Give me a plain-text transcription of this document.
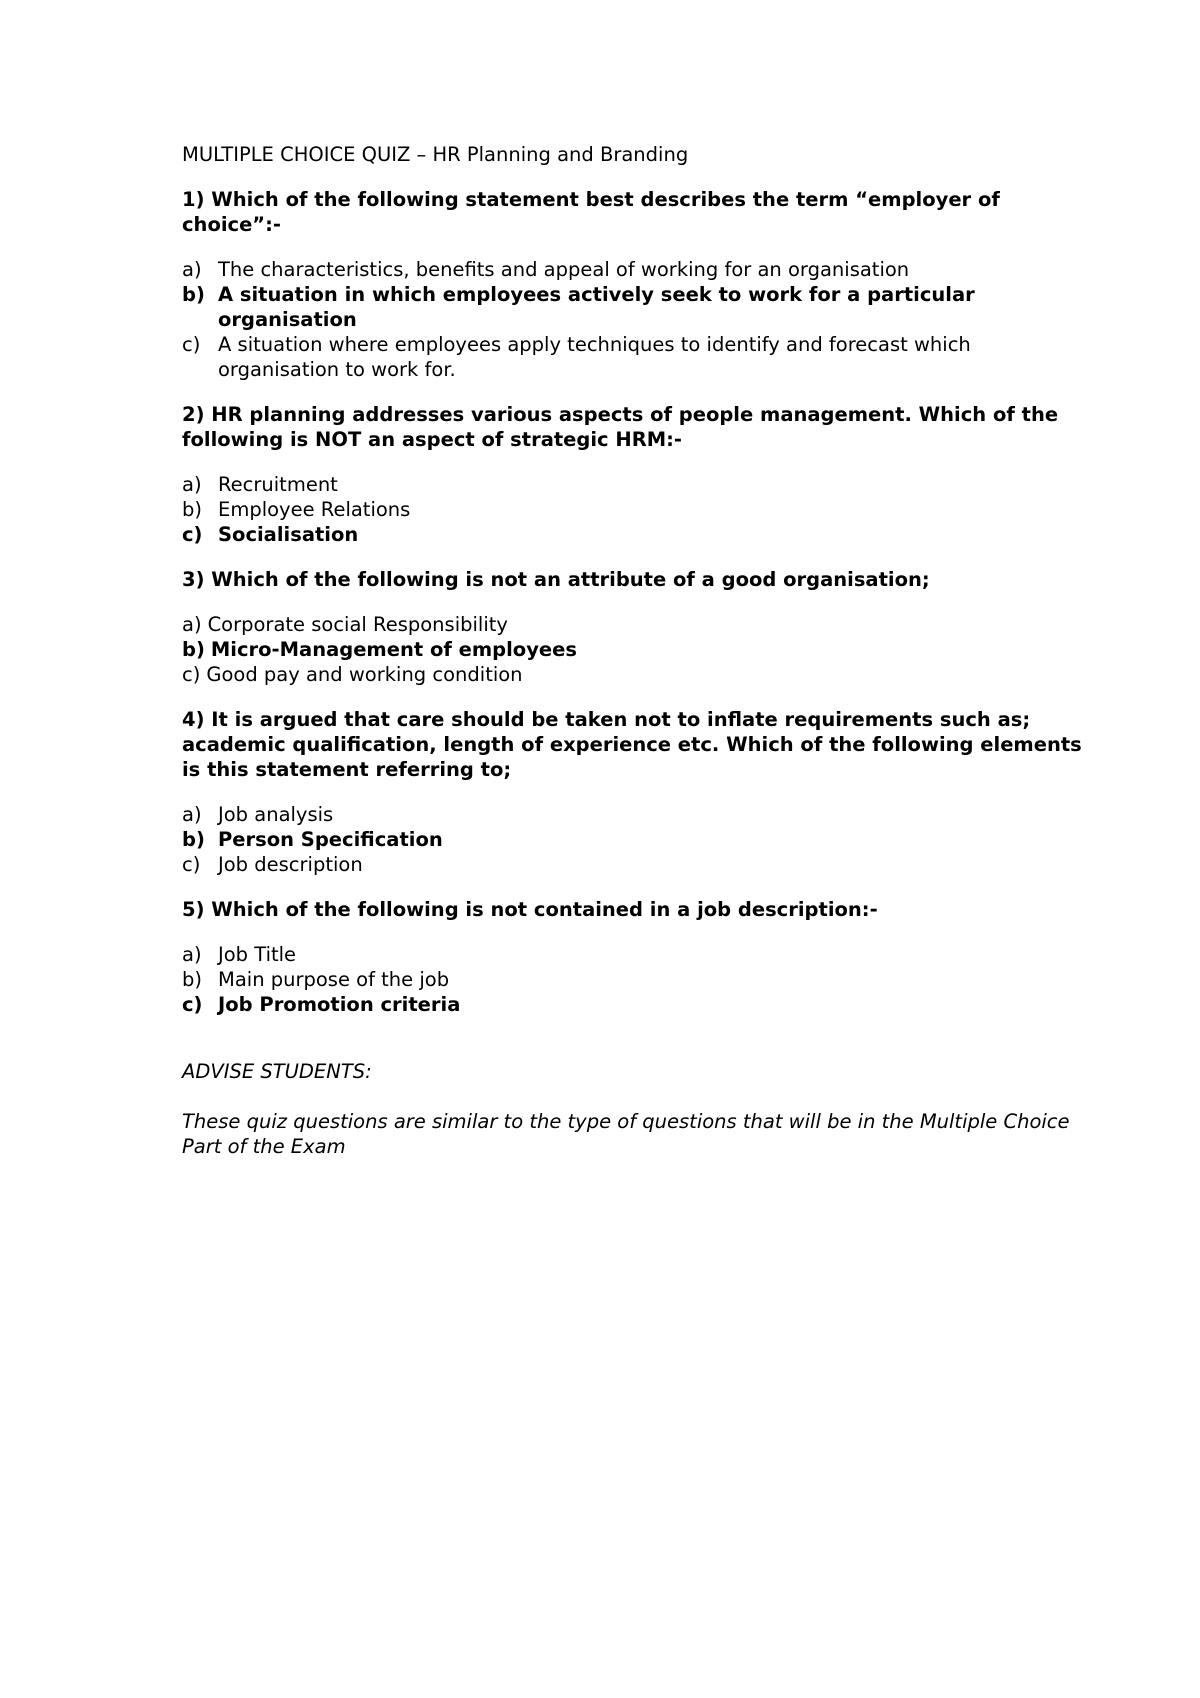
MULTIPLE CHOICE QUIZ – HR Planning and Branding
1) Which of the following statement best describes the term “employer of choice”:-
a) The characteristics, benefits and appeal of working for an organisation
b) A situation in which employees actively seek to work for a particular organisation
c) A situation where employees apply techniques to identify and forecast which organisation to work for.
2) HR planning addresses various aspects of people management. Which of the following is NOT an aspect of strategic HRM:-
a) Recruitment
b) Employee Relations
c) Socialisation
3) Which of the following is not an attribute of a good organisation;
a) Corporate social Responsibility
b) Micro-Management of employees
c) Good pay and working condition
4) It is argued that care should be taken not to inflate requirements such as; academic qualification, length of experience etc. Which of the following elements is this statement referring to;
a) Job analysis
b) Person Specification
c) Job description
5) Which of the following is not contained in a job description:-
a) Job Title
b) Main purpose of the job
c) Job Promotion criteria
ADVISE STUDENTS:
These quiz questions are similar to the type of questions that will be in the Multiple Choice Part of the Exam
